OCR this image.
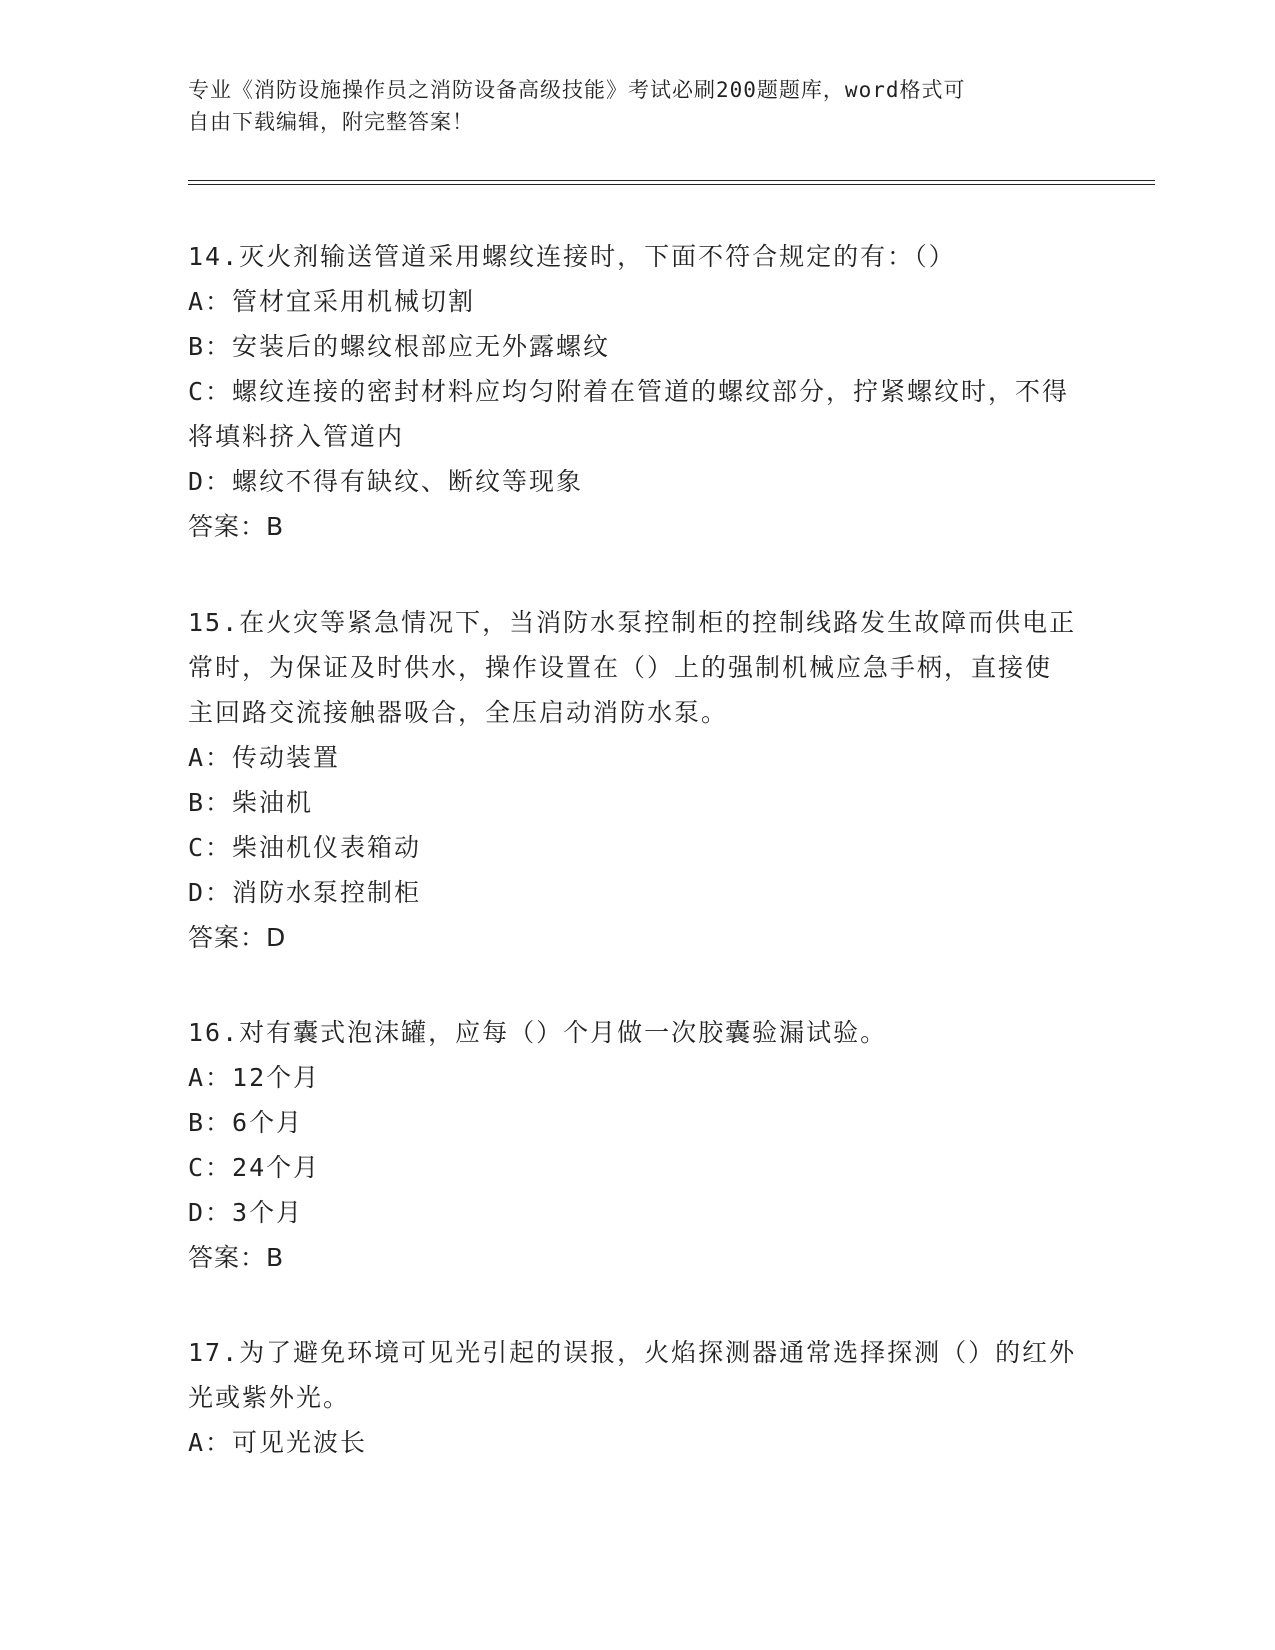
专业《消防设施操作员之消防设备高级技能》考试必刷200题题库，word格式可
自由下载编辑，附完整答案！

14.灭火剂输送管道采用螺纹连接时，下面不符合规定的有：（）

A：管材宜采用机械切割

B：安装后的螺纹根部应无外露螺纹

C：螺纹连接的密封材料应均匀附着在管道的螺纹部分，拧紧螺纹时，不得将填料挤入管道内

D：螺纹不得有缺纹、断纹等现象

答案：B

15.在火灾等紧急情况下，当消防水泵控制柜的控制线路发生故障而供电正常时，为保证及时供水，操作设置在（）上的强制机械应急手柄，直接使主回路交流接触器吸合，全压启动消防水泵。

A：传动装置

B：柴油机

C：柴油机仪表箱动

D：消防水泵控制柜

答案：D

16.对有囊式泡沫罐，应每（）个月做一次胶囊验漏试验。

A：12个月

B：6个月

C：24个月

D：3个月

答案：B

17.为了避免环境可见光引起的误报，火焰探测器通常选择探测（）的红外光或紫外光。

A：可见光波长
